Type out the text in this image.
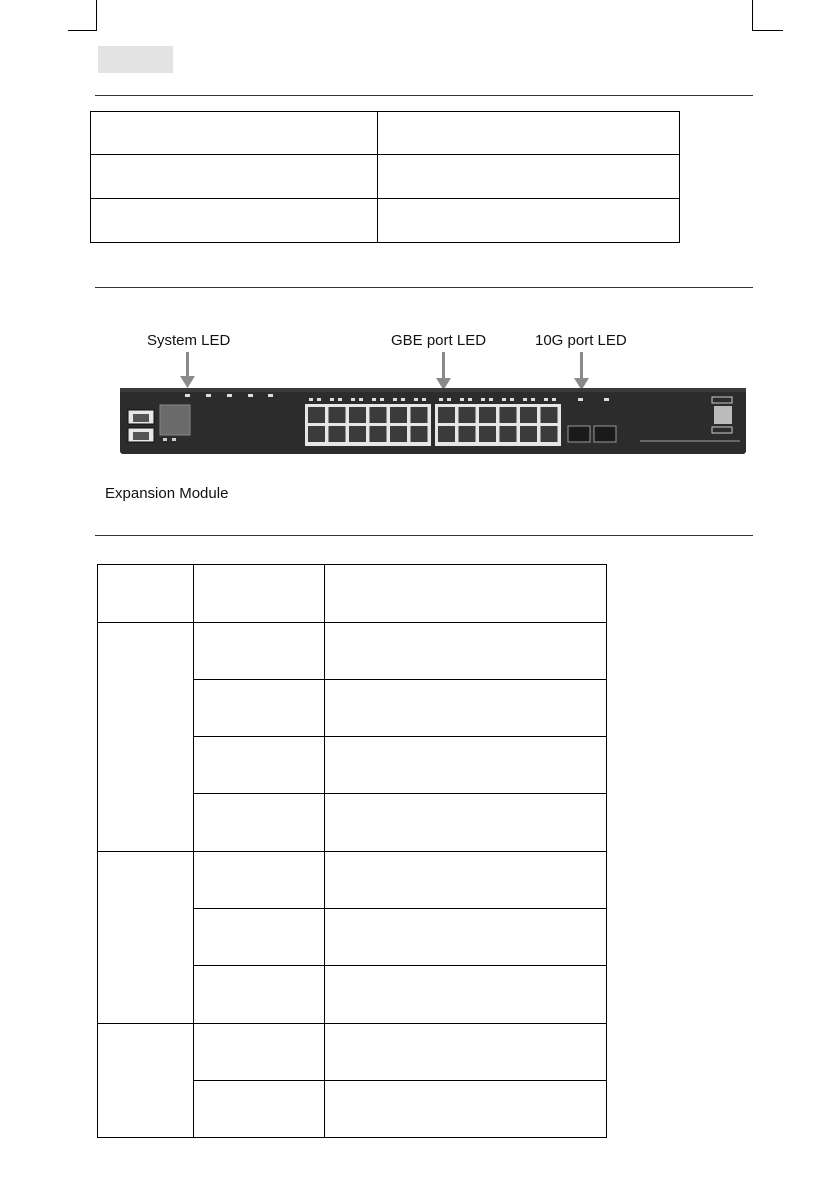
System LED	GBE port LED	10G port LED
Expansion Module
